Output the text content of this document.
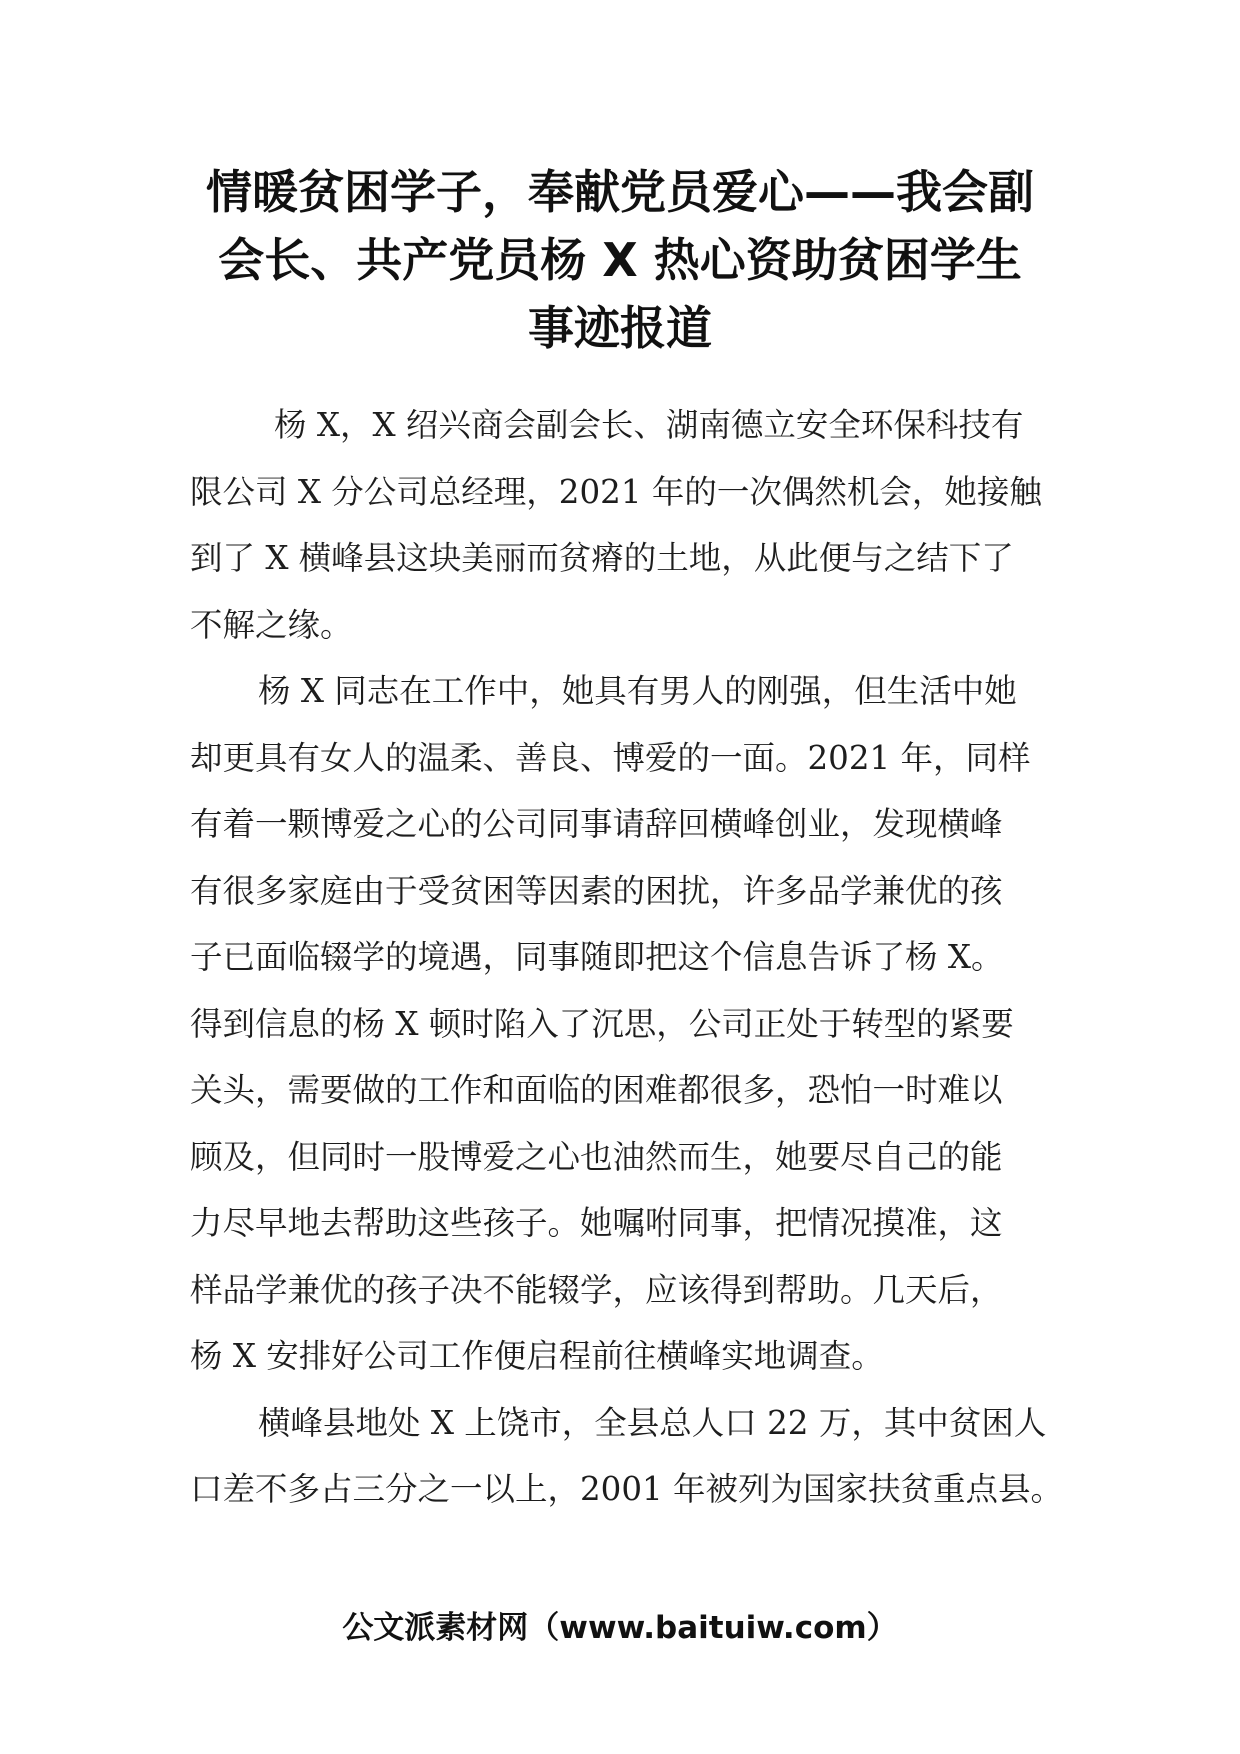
情暖贫困学子，奉献党员爱心——我会副
会长、共产党员杨 X 热心资助贫困学生
事迹报道

杨 X，X 绍兴商会副会长、湖南德立安全环保科技有
限公司 X 分公司总经理，2021 年的一次偶然机会，她接触
到了 X 横峰县这块美丽而贫瘠的土地，从此便与之结下了
不解之缘。

杨 X 同志在工作中，她具有男人的刚强，但生活中她
却更具有女人的温柔、善良、博爱的一面。2021 年，同样
有着一颗博爱之心的公司同事请辞回横峰创业，发现横峰
有很多家庭由于受贫困等因素的困扰，许多品学兼优的孩
子已面临辍学的境遇，同事随即把这个信息告诉了杨 X。
得到信息的杨 X 顿时陷入了沉思，公司正处于转型的紧要
关头，需要做的工作和面临的困难都很多，恐怕一时难以
顾及，但同时一股博爱之心也油然而生，她要尽自己的能
力尽早地去帮助这些孩子。她嘱咐同事，把情况摸准，这
样品学兼优的孩子决不能辍学，应该得到帮助。几天后，
杨 X 安排好公司工作便启程前往横峰实地调查。

横峰县地处 X 上饶市，全县总人口 22 万，其中贫困人
口差不多占三分之一以上，2001 年被列为国家扶贫重点县。

公文派素材网（www.baituiw.com）
